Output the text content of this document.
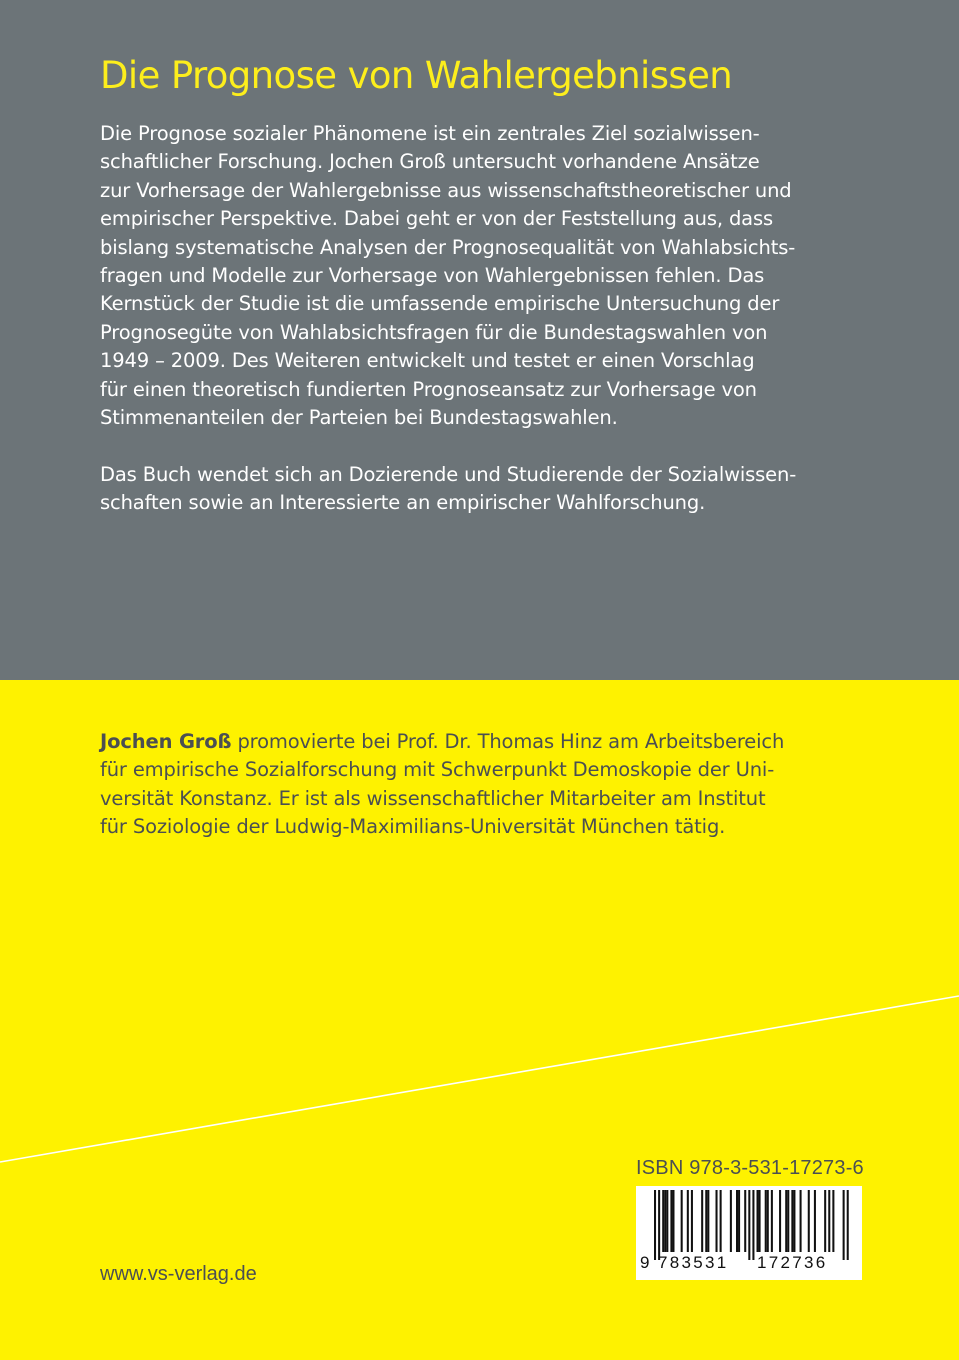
Die Prognose von Wahlergebnissen
Die Prognose sozialer Phänomene ist ein zentrales Ziel sozialwissen-
schaftlicher Forschung. Jochen Groß untersucht vorhandene Ansätze
zur Vorhersage der Wahlergebnisse aus wissenschaftstheoretischer und
empirischer Perspektive. Dabei geht er von der Feststellung aus, dass
bislang systematische Analysen der Prognosequalität von Wahlabsichts-
fragen und Modelle zur Vorhersage von Wahlergebnissen fehlen. Das
Kernstück der Studie ist die umfassende empirische Untersuchung der
Prognosegüte von Wahlabsichtsfragen für die Bundestagswahlen von
1949 – 2009. Des Weiteren entwickelt und testet er einen Vorschlag
für einen theoretisch fundierten Prognoseansatz zur Vorhersage von
Stimmenanteilen der Parteien bei Bundestagswahlen.
Das Buch wendet sich an Dozierende und Studierende der Sozialwissen-
schaften sowie an Interessierte an empirischer Wahlforschung.
Jochen Groß promovierte bei Prof. Dr. Thomas Hinz am Arbeitsbereich
für empirische Sozialforschung mit Schwerpunkt Demoskopie der Uni-
versität Konstanz. Er ist als wissenschaftlicher Mitarbeiter am Institut
für Soziologie der Ludwig-Maximilians-Universität München tätig.
ISBN 978-3-531-17273-6
9 783531 172736
www.vs-verlag.de
